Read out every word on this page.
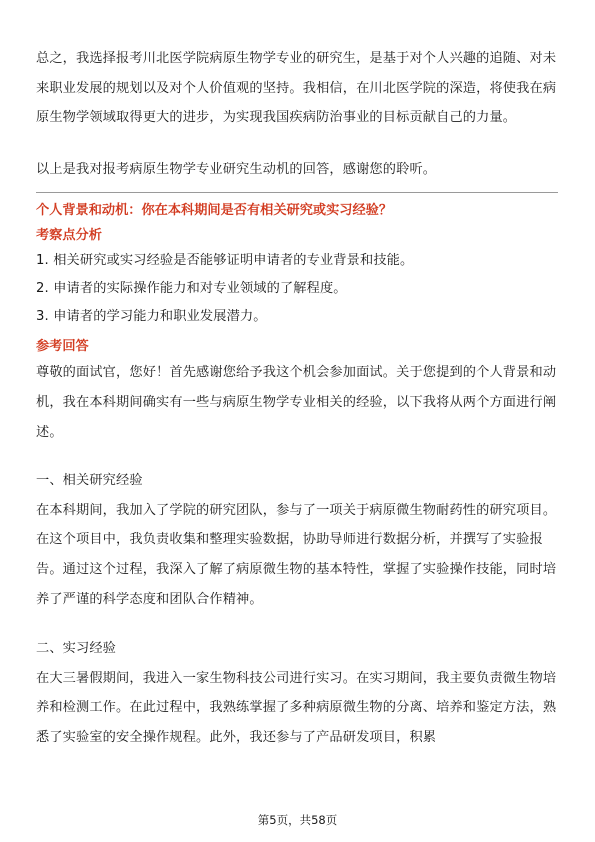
总之，我选择报考川北医学院病原生物学专业的研究生，是基于对个人兴趣的追随、对未来职业发展的规划以及对个人价值观的坚持。我相信，在川北医学院的深造，将使我在病原生物学领域取得更大的进步，为实现我国疾病防治事业的目标贡献自己的力量。

以上是我对报考病原生物学专业研究生动机的回答，感谢您的聆听。

个人背景和动机：你在本科期间是否有相关研究或实习经验？
考察点分析

1. 相关研究或实习经验是否能够证明申请者的专业背景和技能。

2. 申请者的实际操作能力和对专业领域的了解程度。

3. 申请者的学习能力和职业发展潜力。

参考回答

尊敬的面试官，您好！首先感谢您给予我这个机会参加面试。关于您提到的个人背景和动机，我在本科期间确实有一些与病原生物学专业相关的经验，以下我将从两个方面进行阐述。

一、相关研究经验

在本科期间，我加入了学院的研究团队，参与了一项关于病原微生物耐药性的研究项目。在这个项目中，我负责收集和整理实验数据，协助导师进行数据分析，并撰写了实验报告。通过这个过程，我深入了解了病原微生物的基本特性，掌握了实验操作技能，同时培养了严谨的科学态度和团队合作精神。

二、实习经验

在大三暑假期间，我进入一家生物科技公司进行实习。在实习期间，我主要负责微生物培养和检测工作。在此过程中，我熟练掌握了多种病原微生物的分离、培养和鉴定方法，熟悉了实验室的安全操作规程。此外，我还参与了产品研发项目，积累

第5页，共58页
